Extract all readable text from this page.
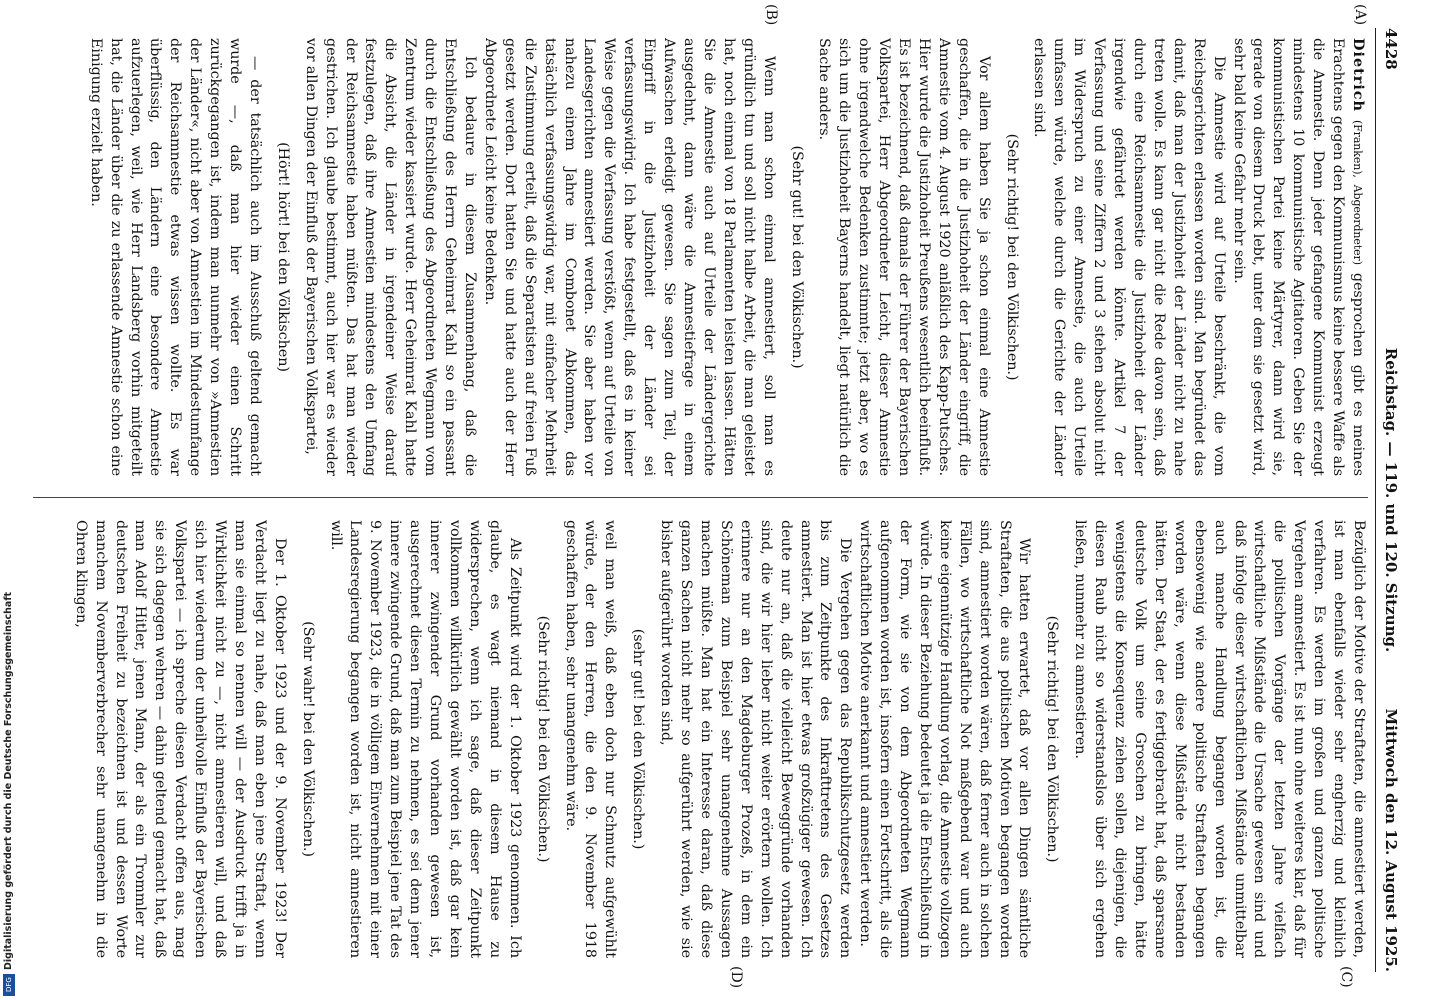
4428
Reichstag. — 119. und 120. Sitzung.
Mittwoch den 12. August 1925.
(A)
(B)
(C)
(D)

Dietrich (Franken), Abgeordneter) gesprochen gibt es meines Erachtens gegen den Kommunismus keine bessere Waffe als die Amnestie. Denn jeder gefangene Kommunist erzeugt mindestens 10 kommunistische Agitatoren. Geben Sie der kommunistischen Partei keine Märtyrer, dann wird sie, gerade von diesem Druck lebt, unter dem sie gesetzt wird, sehr bald keine Gefahr mehr sein.

Die Amnestie wird auf Urteile beschränkt, die vom Reichsgerichten erlassen worden sind. Man begründet das damit, daß man der Justizhoheit der Länder nicht zu nahe treten wolle. Es kann gar nicht die Rede davon sein, daß durch eine Reichsamnestie die Justizhoheit der Länder irgendwie gefährdet werden könnte. Artikel 7 der Verfassung und seine Ziffern 2 und 3 stehen absolut nicht im Widerspruch zu einer Amnestie, die auch Urteile umfassen würde, welche durch die Gerichte der Länder erlassen sind.

(Sehr richtig! bei den Völkischen.)

Vor allem haben Sie ja schon einmal eine Amnestie geschaffen, die in die Justizhoheit der Länder eingriff, die Amnestie vom 4. August 1920 anläßlich des Kapp-Putsches. Hier wurde die Justizhoheit Preußens wesentlich beeinflußt. Es ist bezeichnend, daß damals der Führer der Bayerischen Volkspartei, Herr Abgeordneter Leicht, dieser Amnestie ohne irgendwelche Bedenken zustimmte; jetzt aber, wo es sich um die Justizhoheit Bayerns handelt, liegt natürlich die Sache anders.

(Sehr gut! bei den Völkischen.)

Wenn man schon einmal amnestiert, soll man es gründlich tun und soll nicht halbe Arbeit, die man geleistet hat, noch einmal von 18 Parlamenten leisten lassen. Hätten Sie die Amnestie auch auf Urteile der Ländergerichte ausgedehnt, dann wäre die Amnestiefrage in einem Aufwaschen erledigt gewesen. Sie sagen zum Teil, der Eingriff in die Justizhoheit der Länder sei verfassungswidrig. Ich habe festgestellt, daß es in keiner Weise gegen die Verfassung verstößt, wenn auf Urteile von Landesgerichten amnestiert werden. Sie aber haben vor nahezu einem Jahre im Combonet Abkommen, das tatsächlich verfassungswidrig war, mit einfacher Mehrheit die Zustimmung erteilt, daß die Separatisten auf freien Fuß gesetzt werden. Dort hatten Sie und hatte auch der Herr Abgeordnete Leicht keine Bedenken.

Ich bedaure in diesem Zusammenhang, daß die Entschließung des Herrn Geheimrat Kahl so ein passant durch die Entschließung des Abgeordneten Wegmann vom Zentrum wieder kassiert wurde. Herr Geheimrat Kahl hatte die Absicht, die Länder in irgendeiner Weise darauf festzulegen, daß ihre Amnestien mindestens den Umfang der Reichsamnestie haben müßten. Das hat man wieder gestrichen. Ich glaube bestimmt, auch hier war es wieder vor allen Dingen der Einfluß der Bayerischen Volkspartei,

(Hört! hört! bei den Völkischen)

— der tatsächlich auch im Ausschuß geltend gemacht wurde —, daß man hier wieder einen Schritt zurückgegangen ist, indem man nunmehr von »Amnestien der Länder«, nicht aber von Amnestien im Mindestumfange der Reichsamnestie etwas wissen wollte. Es war überflüssig, den Ländern eine besondere Amnestie aufzuerlegen, weil, wie Herr Landsberg vorhin mitgeteilt hat, die Länder über die zu erlassende Amnestie schon eine Einigung erzielt haben.

Bezüglich der Motive der Straftaten, die amnestiert werden, ist man ebenfalls wieder sehr engherzig und kleinlich verfahren. Es werden im großen und ganzen politische Vergehen amnestiert. Es ist nun ohne weiteres klar, daß für die politischen Vorgänge der letzten Jahre vielfach wirtschaftliche Mißstände die Ursache gewesen sind und daß infolge dieser wirtschaftlichen Mißstände unmittelbar auch manche Handlung begangen worden ist, die ebensowenig wie andere politische Straftaten begangen worden wäre, wenn diese Mißstände nicht bestanden hätten. Der Staat, der es fertiggebracht hat, daß sparsame deutsche Volk um seine Groschen zu bringen, hätte wenigstens die Konsequenz ziehen sollen, diejenigen, die diesen Raub nicht so widerstandslos über sich ergehen ließen, nunmehr zu amnestieren.

(Sehr richtig! bei den Völkischen.)

Wir hatten erwartet, daß vor allen Dingen sämtliche Straftaten, die aus politischen Motiven begangen worden sind, amnestiert worden wären, daß ferner auch in solchen Fällen, wo wirtschaftliche Not maßgebend war und auch keine eigennützige Handlung vorlag, die Amnestie vollzogen würde. In dieser Beziehung bedeutet ja die Entschließung in der Form, wie sie von dem Abgeordneten Wegmann aufgenommen worden ist, insofern einen Fortschritt, als die wirtschaftlichen Motive anerkannt und amnestiert werden.

Die Vergehen gegen das Republikschutzgesetz werden bis zum Zeitpunkte des Inkrafttretens des Gesetzes amnestiert. Man ist hier etwas großzügiger gewesen. Ich deute nur an, daß die vielleicht Beweggründe vorhanden sind, die wir hier lieber nicht weiter erörtern wollen. Ich erinnere nur an den Magdeburger Prozeß, in dem ein Schöneman zum Beispiel sehr unangenehme Aussagen machen müßte. Man hat ein Interesse daran, daß diese ganzen Sachen nicht mehr so aufgerührt werden, wie sie bisher aufgerührt worden sind,

(sehr gut! bei den Völkischen.)

weil man weiß, daß eben doch nur Schmutz aufgewühlt würde, der den Herren, die den 9. November 1918 geschaffen haben, sehr unangenehm wäre.

(Sehr richtig! bei den Völkischen.)

Als Zeitpunkt wird der 1. Oktober 1923 genommen. Ich glaube, es wagt niemand in diesem Hause zu widersprechen, wenn ich sage, daß dieser Zeitpunkt vollkommen willkürlich gewählt worden ist, daß gar kein innerer zwingender Grund vorhanden gewesen ist, ausgerechnet diesen Termin zu nehmen, es sei denn jener innere zwingende Grund, daß man zum Beispiel jene Tat des 9. November 1923, die in völligem Einvernehmen mit einer Landesregierung begangen worden ist, nicht amnestieren will.

(Sehr wahr! bei den Völkischen.)

Der 1. Oktober 1923 und der 9. November 1923! Der Verdacht liegt zu nahe, daß man eben jene Straftat, wenn man sie einmal so nennen will — der Ausdruck trifft ja in Wirklichkeit nicht zu —, nicht amnestieren will, und daß sich hier wiederum der unheilvolle Einfluß der Bayerischen Volkspartei — ich spreche diesen Verdacht offen aus, mag sie sich dagegen wehren — dahin geltend gemacht hat, daß man Adolf Hitler, jenen Mann, der als ein Trommler zur deutschen Freiheit zu bezeichnen ist und dessen Worte manchem Novemberverbrecher sehr unangenehm in die Ohren klingen,

Digitalisierung gefördert durch die Deutsche Forschungsgemeinschaft
DFG
